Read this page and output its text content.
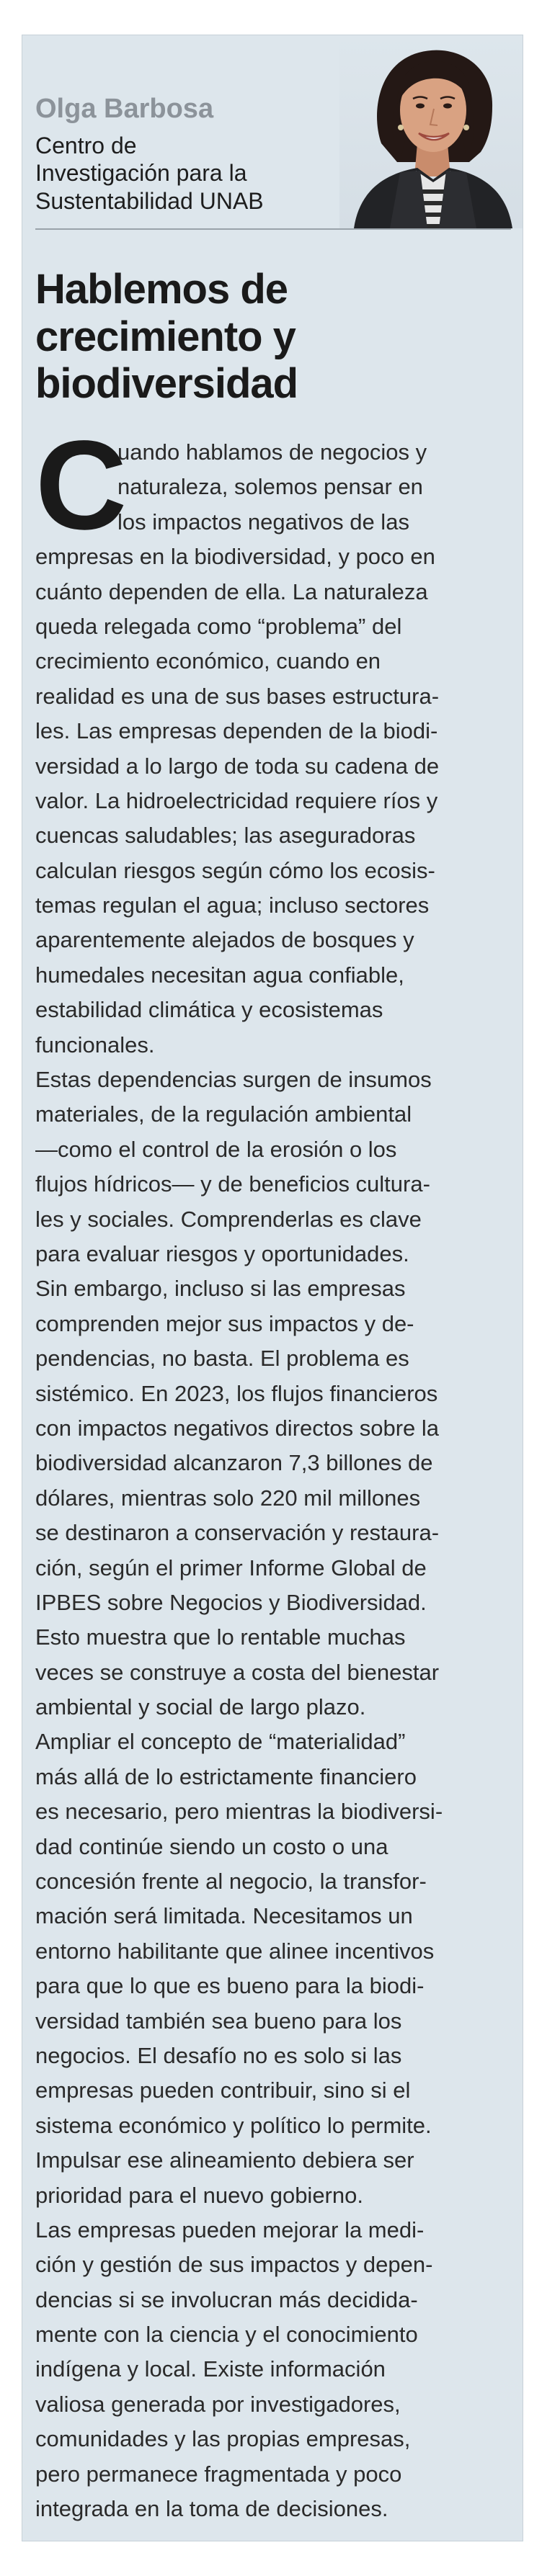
Olga Barbosa
Centro de
Investigación para la
Sustentabilidad UNAB
Hablemos de
crecimiento y
biodiversidad
C
uando hablamos de negocios y
naturaleza, solemos pensar en
los impactos negativos de las
empresas en la biodiversidad, y poco en
cuánto dependen de ella. La naturaleza
queda relegada como “problema” del
crecimiento económico, cuando en
realidad es una de sus bases estructura-
les. Las empresas dependen de la biodi-
versidad a lo largo de toda su cadena de
valor. La hidroelectricidad requiere ríos y
cuencas saludables; las aseguradoras
calculan riesgos según cómo los ecosis-
temas regulan el agua; incluso sectores
aparentemente alejados de bosques y
humedales necesitan agua confiable,
estabilidad climática y ecosistemas
funcionales.
Estas dependencias surgen de insumos
materiales, de la regulación ambiental
—como el control de la erosión o los
flujos hídricos— y de beneficios cultura-
les y sociales. Comprenderlas es clave
para evaluar riesgos y oportunidades.
Sin embargo, incluso si las empresas
comprenden mejor sus impactos y de-
pendencias, no basta. El problema es
sistémico. En 2023, los flujos financieros
con impactos negativos directos sobre la
biodiversidad alcanzaron 7,3 billones de
dólares, mientras solo 220 mil millones
se destinaron a conservación y restaura-
ción, según el primer Informe Global de
IPBES sobre Negocios y Biodiversidad.
Esto muestra que lo rentable muchas
veces se construye a costa del bienestar
ambiental y social de largo plazo.
Ampliar el concepto de “materialidad”
más allá de lo estrictamente financiero
es necesario, pero mientras la biodiversi-
dad continúe siendo un costo o una
concesión frente al negocio, la transfor-
mación será limitada. Necesitamos un
entorno habilitante que alinee incentivos
para que lo que es bueno para la biodi-
versidad también sea bueno para los
negocios. El desafío no es solo si las
empresas pueden contribuir, sino si el
sistema económico y político lo permite.
Impulsar ese alineamiento debiera ser
prioridad para el nuevo gobierno.
Las empresas pueden mejorar la medi-
ción y gestión de sus impactos y depen-
dencias si se involucran más decidida-
mente con la ciencia y el conocimiento
indígena y local. Existe información
valiosa generada por investigadores,
comunidades y las propias empresas,
pero permanece fragmentada y poco
integrada en la toma de decisiones.
